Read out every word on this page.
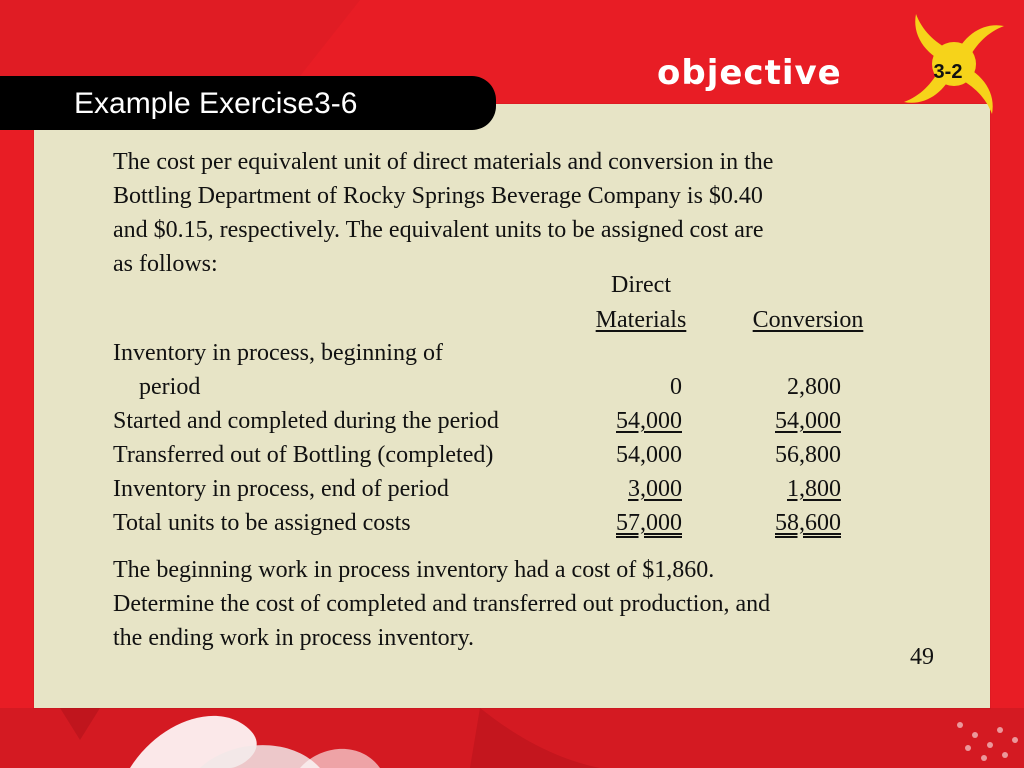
Example Exercise3-6
objective	3-2
The cost per equivalent unit of direct materials and conversion in the
Bottling Department of Rocky Springs Beverage Company is $0.40
and $0.15, respectively. The equivalent units to be assigned cost are
as follows:
Direct
Materials	Conversion
Inventory in process, beginning of
period	0	2,800
Started and completed during the period	54,000	54,000
Transferred out of Bottling (completed)	54,000	56,800
Inventory in process, end of period	3,000	1,800
Total units to be assigned costs	57,000	58,600
The beginning work in process inventory had a cost of $1,860.
Determine the cost of completed and transferred out production, and
the ending work in process inventory.
49
